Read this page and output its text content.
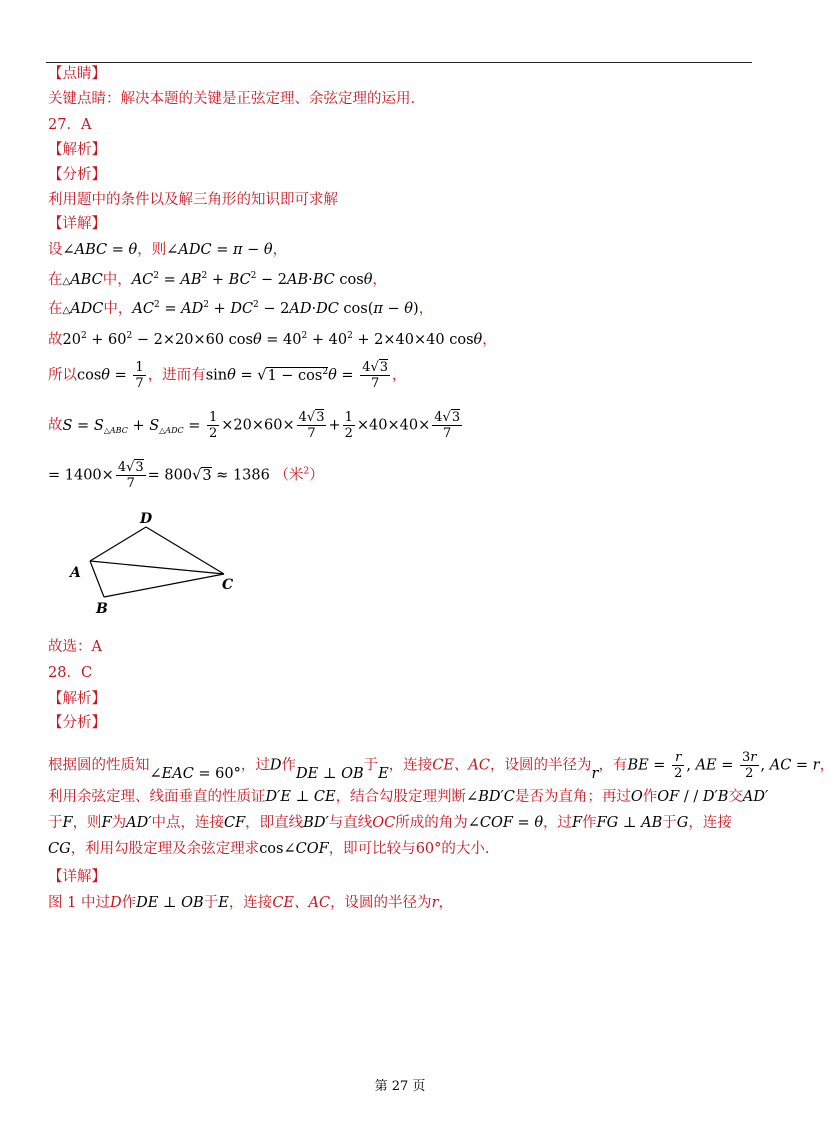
【点睛】
关键点睛：解决本题的关键是正弦定理、余弦定理的运用.
27．A
【解析】
【分析】
利用题中的条件以及解三角形的知识即可求解
【详解】
设∠ABC = θ，则∠ADC = π − θ，
在△ABC中，$AC^2 = AB^2 + BC^2 - 2AB\cdot BC$ cosθ，
在△ADC中，$AC^2 = AD^2 + DC^2 - 2AD\cdot DC$ cos(π − θ)，
故$20^2 + 60^2 - 2\times 20\times 60$ $\cos\theta = 40^2 + 40^2 + 2\times 40\times 40$ cosθ，
所以$\cos\theta = \frac{1}{7}$ ，进而有$\sin\theta = √1 - \cos^2\theta = \frac{4√3}{7}$ ，
故$S = S_{\triangle ABC} + S_{\triangle ADC} = \frac{1}{2} \times 20\times 60\times \frac{4√3}{7} + \frac{1}{2} \times 40\times 40\times \frac{4√3}{7}$
= $1400\times \frac{4√3}{7} = 800√3 \approx 1386$ （米$^2$）
D
A
B
C
故选：A
28．C
【解析】
【分析】
根据圆的性质知∠EAC = 60°，过D作DE ⊥ OB于E，连接CE、AC，设圆的半径为r，有BE = $\frac{r}{2}$ , AE = $\frac{3r}{2}$ , AC = r，
利用余弦定理、线面垂直的性质证D′E ⊥ CE，结合勾股定理判断∠BD′C是否为直角；再过O作OF / / D′B交AD′
于F，则F为AD′中点，连接CF，即直线BD′与直线OC所成的角为∠COF = θ，过F作FG ⊥ AB于G，连接
CG，利用勾股定理及余弦定理求cos∠COF，即可比较与60°的大小.
【详解】
图 1 中过D作DE ⊥ OB于E，连接CE、AC，设圆的半径为r，
第 27 页
